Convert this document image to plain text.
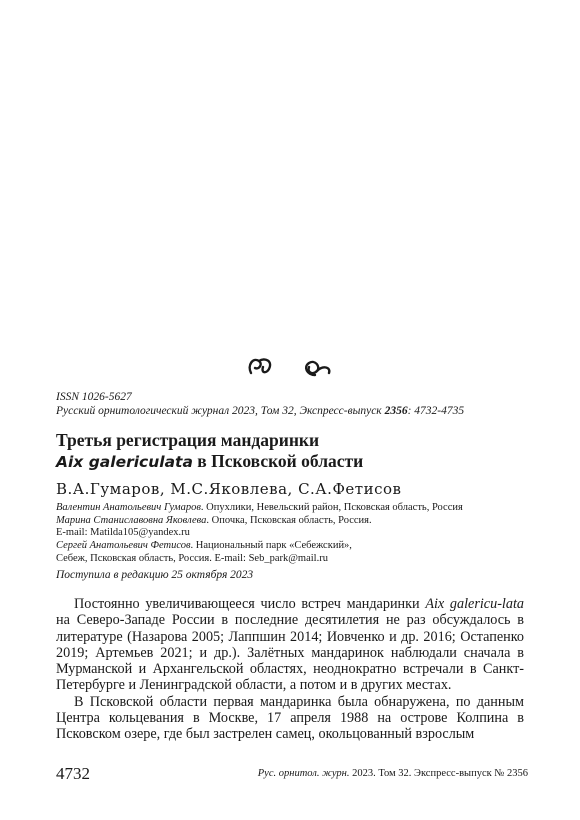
ISSN 1026-5627
Русский орнитологический журнал 2023, Том 32, Экспресс-выпуск 2356: 4732-4735
Третья регистрация мандаринки
Aix galericulata в Псковской области
В.А.Гумаров, М.С.Яковлева, С.А.Фетисов
Валентин Анатольевич Гумаров. Опухлики, Невельский район, Псковская область, Россия
Марина Станиславовна Яковлева. Опочка, Псковская область, Россия.
E-mail: Matilda105@yandex.ru
Сергей Анатольевич Фетисов. Национальный парк «Себежский»,
Себеж, Псковская область, Россия. E-mail: Seb_park@mail.ru
Поступила в редакцию 25 октября 2023

Постоянно увеличивающееся число встреч мандаринки Aix galericu-lata на Северо-Западе России в последние десятилетия не раз обсуждалось в литературе (Назарова 2005; Лаппшин 2014; Иовченко и др. 2016; Остапенко 2019; Артемьев 2021; и др.). Залётных мандаринок наблюдали сначала в Мурманской и Архангельской областях, неоднократно встречали в Санкт-Петербурге и Ленинградской области, а потом и в других местах.

В Псковской области первая мандаринка была обнаружена, по данным Центра кольцевания в Москве, 17 апреля 1988 на острове Колпина в Псковском озере, где был застрелен самец, окольцованный взрослым

4732	Рус. орнитол. журн. 2023. Том 32. Экспресс-выпуск № 2356
